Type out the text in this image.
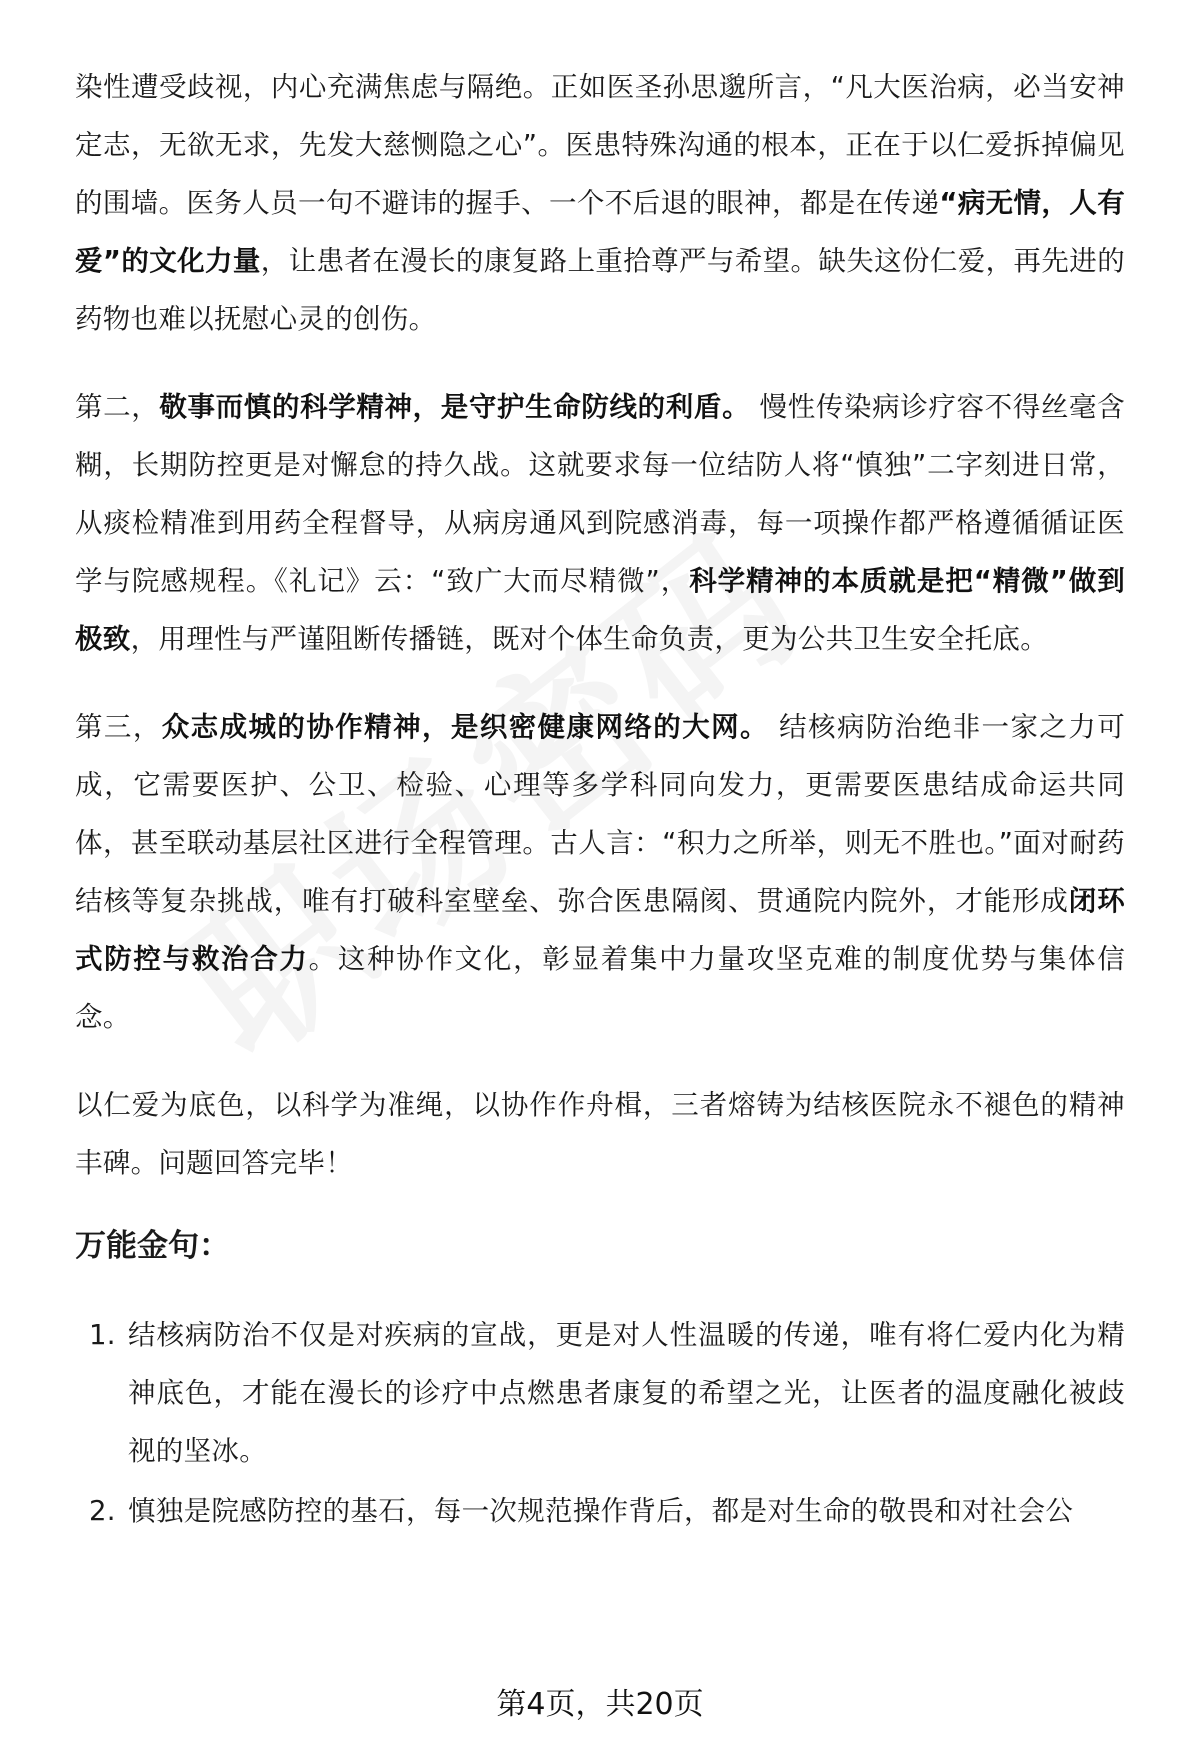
染性遭受歧视，内心充满焦虑与隔绝。正如医圣孙思邈所言，“凡大医治病，必当安神定志，无欲无求，先发大慈恻隐之心”。医患特殊沟通的根本，正在于以仁爱拆掉偏见的围墙。医务人员一句不避讳的握手、一个不后退的眼神，都是在传递“病无情，人有爱”的文化力量，让患者在漫长的康复路上重拾尊严与希望。缺失这份仁爱，再先进的药物也难以抚慰心灵的创伤。

第二，敬事而慎的科学精神，是守护生命防线的利盾。 慢性传染病诊疗容不得丝毫含糊，长期防控更是对懈怠的持久战。这就要求每一位结防人将“慎独”二字刻进日常，从痰检精准到用药全程督导，从病房通风到院感消毒，每一项操作都严格遵循循证医学与院感规程。《礼记》云：“致广大而尽精微”，科学精神的本质就是把“精微”做到极致，用理性与严谨阻断传播链，既对个体生命负责，更为公共卫生安全托底。

第三，众志成城的协作精神，是织密健康网络的大网。 结核病防治绝非一家之力可成，它需要医护、公卫、检验、心理等多学科同向发力，更需要医患结成命运共同体，甚至联动基层社区进行全程管理。古人言：“积力之所举，则无不胜也。”面对耐药结核等复杂挑战，唯有打破科室壁垒、弥合医患隔阂、贯通院内院外，才能形成闭环式防控与救治合力。这种协作文化，彰显着集中力量攻坚克难的制度优势与集体信念。

以仁爱为底色，以科学为准绳，以协作作舟楫，三者熔铸为结核医院永不褪色的精神丰碑。问题回答完毕！

万能金句：
1. 结核病防治不仅是对疾病的宣战，更是对人性温暖的传递，唯有将仁爱内化为精神底色，才能在漫长的诊疗中点燃患者康复的希望之光，让医者的温度融化被歧视的坚冰。
2. 慎独是院感防控的基石，每一次规范操作背后，都是对生命的敬畏和对社会公
第4页，共20页
